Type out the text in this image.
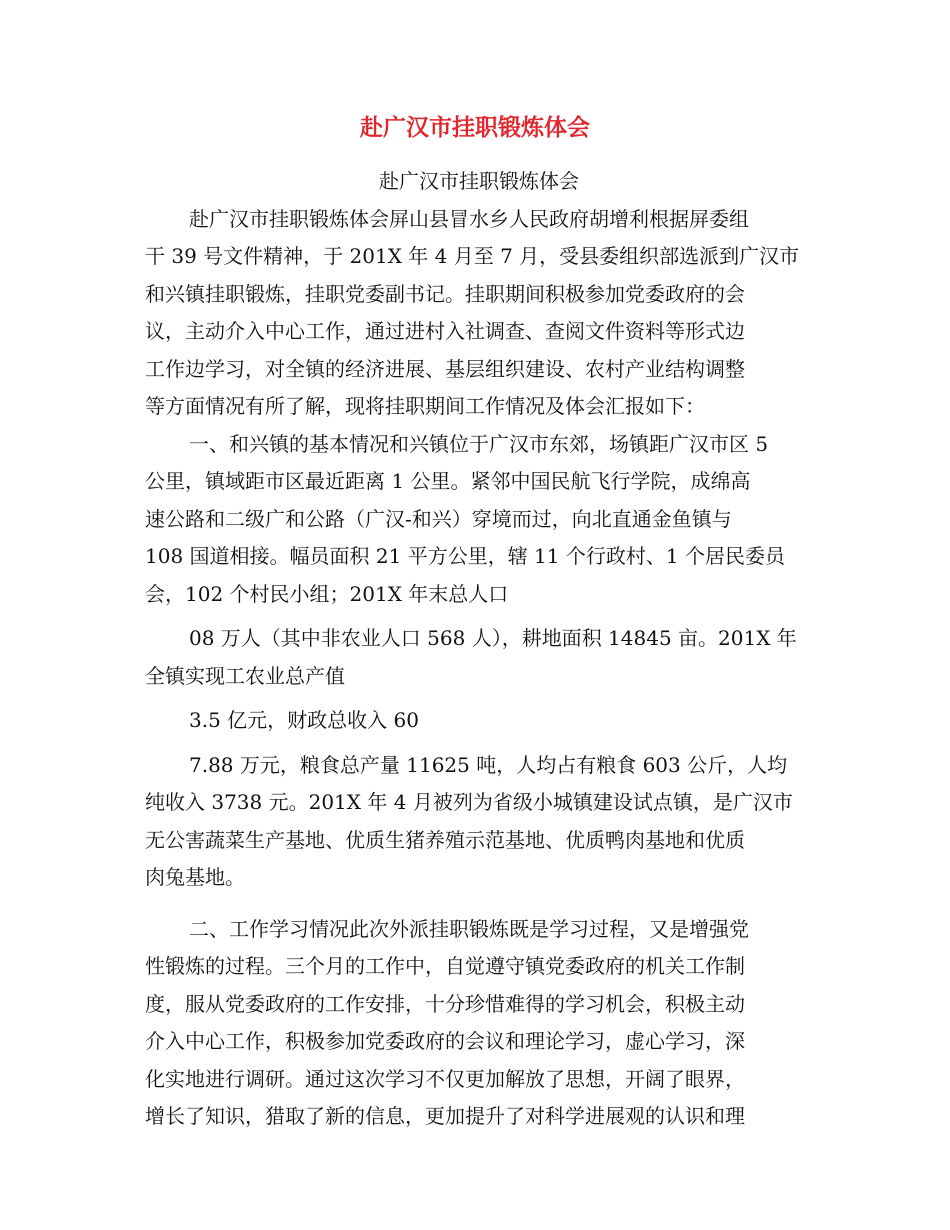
赴广汉市挂职锻炼体会
赴广汉市挂职锻炼体会
赴广汉市挂职锻炼体会屏山县冒水乡人民政府胡增利根据屏委组
干 39 号文件精神，于 201X 年 4 月至 7 月，受县委组织部选派到广汉市
和兴镇挂职锻炼，挂职党委副书记。挂职期间积极参加党委政府的会
议，主动介入中心工作，通过进村入社调查、查阅文件资料等形式边
工作边学习，对全镇的经济进展、基层组织建设、农村产业结构调整
等方面情况有所了解，现将挂职期间工作情况及体会汇报如下：
一、和兴镇的基本情况和兴镇位于广汉市东郊，场镇距广汉市区 5
公里，镇域距市区最近距离 1 公里。紧邻中国民航飞行学院，成绵高
速公路和二级广和公路（广汉-和兴）穿境而过，向北直通金鱼镇与
108 国道相接。幅员面积 21 平方公里，辖 11 个行政村、1 个居民委员
会，102 个村民小组；201X 年末总人口
08 万人（其中非农业人口 568 人），耕地面积 14845 亩。201X 年
全镇实现工农业总产值
3.5 亿元，财政总收入 60
7.88 万元，粮食总产量 11625 吨，人均占有粮食 603 公斤，人均
纯收入 3738 元。201X 年 4 月被列为省级小城镇建设试点镇，是广汉市
无公害蔬菜生产基地、优质生猪养殖示范基地、优质鸭肉基地和优质
肉兔基地。
二、工作学习情况此次外派挂职锻炼既是学习过程，又是增强党
性锻炼的过程。三个月的工作中，自觉遵守镇党委政府的机关工作制
度，服从党委政府的工作安排，十分珍惜难得的学习机会，积极主动
介入中心工作，积极参加党委政府的会议和理论学习，虚心学习，深
化实地进行调研。通过这次学习不仅更加解放了思想，开阔了眼界，
增长了知识，猎取了新的信息，更加提升了对科学进展观的认识和理
